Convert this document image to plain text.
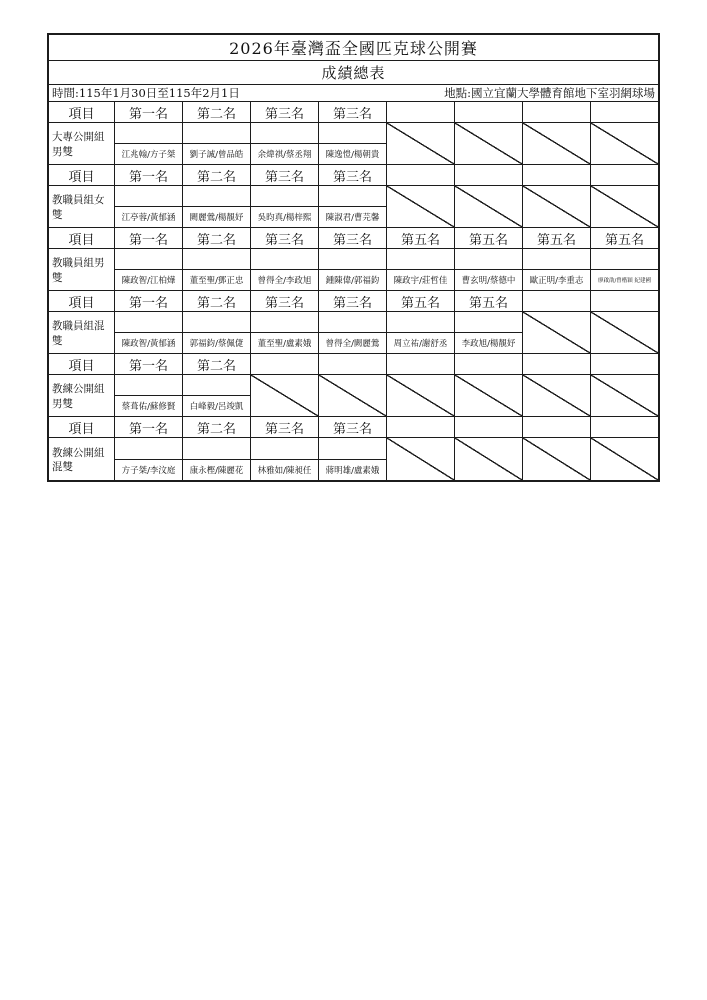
2026年臺灣盃全國匹克球公開賽
成績總表
時間:115年1月30日至115年2月1日	地點:國立宜蘭大學體育館地下室羽網球場
項目	第一名	第二名	第三名	第三名
大專公開組男雙	江兆翰/方子桀	劉子誠/曾品皓	余煒祺/蔡丞翔	陳逸愷/楊朝貴
項目	第一名	第二名	第三名	第三名
教職員組女雙	江亭蓉/黃郁涵	闕麗鶯/楊靚妤	吳昀真/楊梓熙	陳淑君/曹芫馨
項目	第一名	第二名	第三名	第三名	第五名	第五名	第五名	第五名
教職員組男雙	陳政智/江柏燁	董至聖/鄧正忠	曾得全/李政旭	鍾陳偉/郭福鈞	陳政宇/莊哲佳	曹玄明/蔡德中	歐正明/李重志	廖啟劭/曾楷穎 紀建國
項目	第一名	第二名	第三名	第三名	第五名	第五名
教職員組混雙	陳政智/黃郁涵	郭福鈞/蔡佩倢	董至聖/盧素娥	曾得全/闕麗鶯	周立祐/謝舒丞	李政旭/楊靚妤
項目	第一名	第二名
教練公開組男雙	蔡葺佑/蘇修賢	白峰毅/呂竣凱
項目	第一名	第二名	第三名	第三名
教練公開組混雙	方子桀/李汶庭	康永樫/陳麗花	林雅如/陳昶任	蔣明雄/盧素娥
